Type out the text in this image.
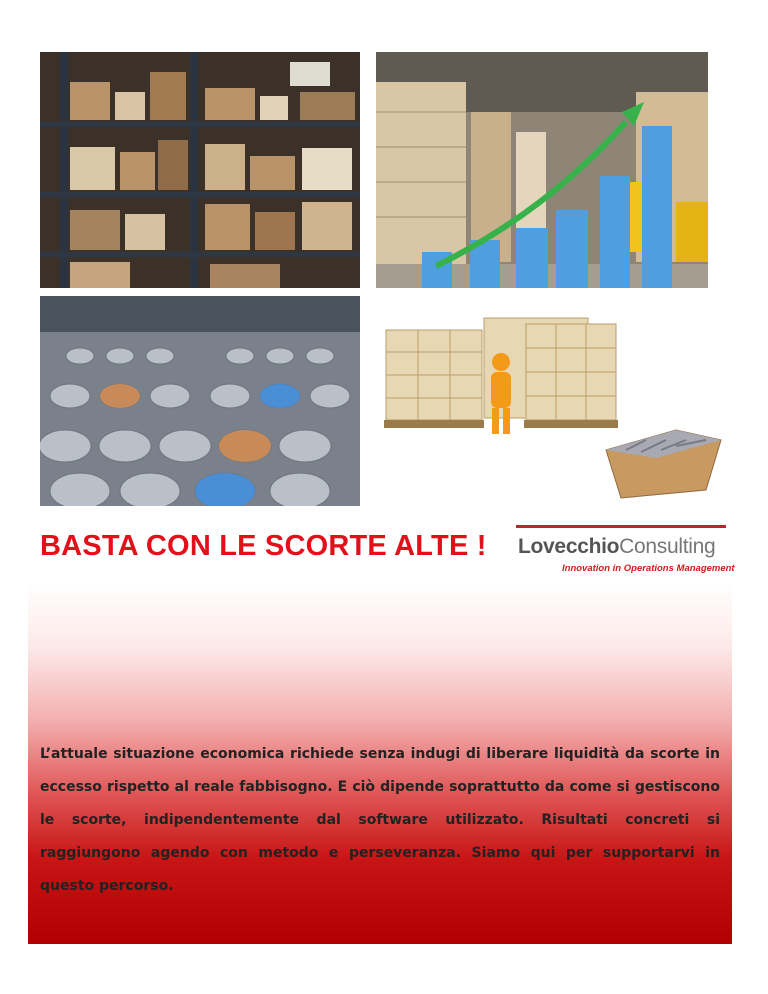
BASTA CON LE SCORTE ALTE ! LovecchioConsulting
Innovation in Operations Management

L’attuale situazione economica richiede senza indugi di liberare liquidità da scorte in eccesso rispetto al reale fabbisogno. E ciò dipende soprattutto da come si gestiscono le scorte, indipendentemente dal software utilizzato. Risultati concreti si raggiungono agendo con metodo e perseveranza. Siamo qui per supportarvi in questo percorso.
